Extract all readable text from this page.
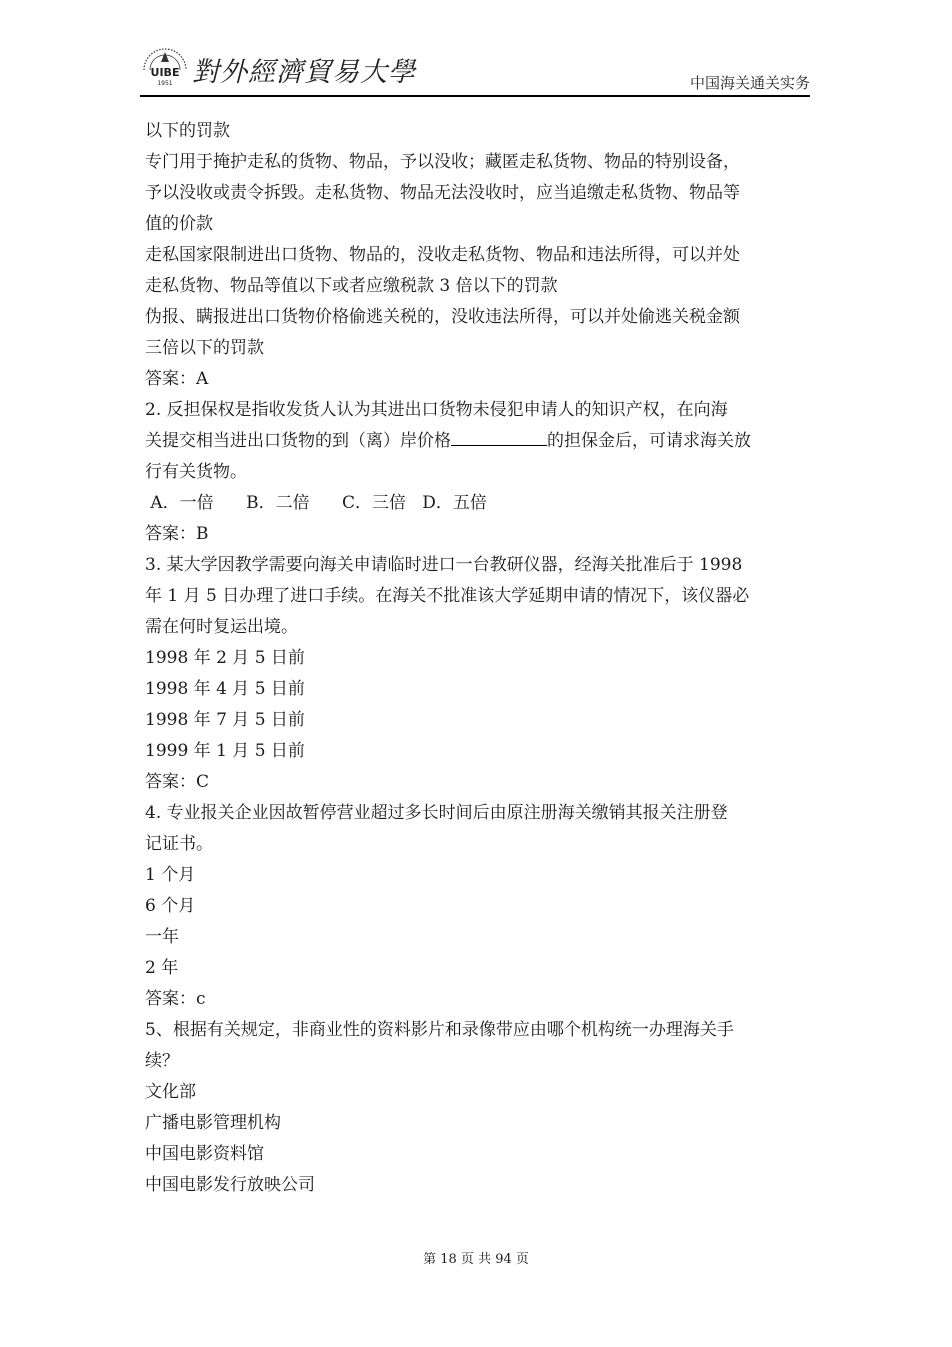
UIBE
1951 對外經濟貿易大學	中国海关通关实务

以下的罚款

专门用于掩护走私的货物、物品，予以没收；藏匿走私货物、物品的特别设备，

予以没收或责令拆毁。走私货物、物品无法没收时，应当追缴走私货物、物品等

值的价款

走私国家限制进出口货物、物品的，没收走私货物、物品和违法所得，可以并处

走私货物、物品等值以下或者应缴税款 3 倍以下的罚款

伪报、瞒报进出口货物价格偷逃关税的，没收违法所得，可以并处偷逃关税金额

三倍以下的罚款

答案：A

2. 反担保权是指收发货人认为其进出口货物未侵犯申请人的知识产权，在向海

关提交相当进出口货物的到（离）岸价格	的担保金后，可请求海关放

行有关货物。

A．一倍      B．二倍      C．三倍   D．五倍

答案：B

3. 某大学因教学需要向海关申请临时进口一台教研仪器，经海关批准后于 1998

年 1 月 5 日办理了进口手续。在海关不批准该大学延期申请的情况下，该仪器必

需在何时复运出境。

1998 年 2 月 5 日前

1998 年 4 月 5 日前

1998 年 7 月 5 日前

1999 年 1 月 5 日前

答案：C

4. 专业报关企业因故暂停营业超过多长时间后由原注册海关缴销其报关注册登

记证书。

1 个月

6 个月

一年

2 年

答案：c

5、根据有关规定，非商业性的资料影片和录像带应由哪个机构统一办理海关手

续？

文化部

广播电影管理机构

中国电影资料馆

中国电影发行放映公司

第 18 页 共 94 页
